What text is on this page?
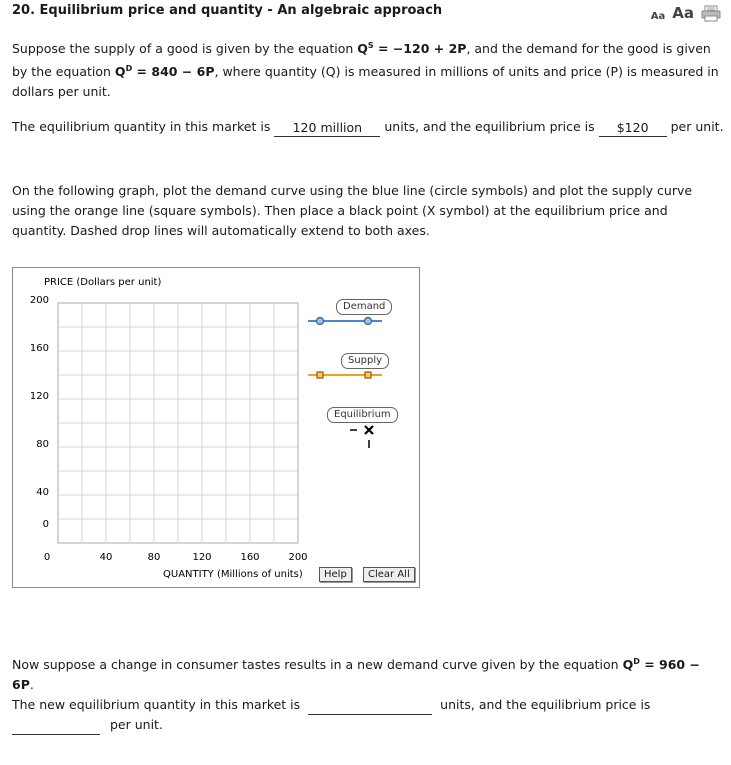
20. Equilibrium price and quantity - An algebraic approach	Aa Aa
Suppose the supply of a good is given by the equation $Q^S = -120 + 2P$, and the demand for the good is given by the equation $Q^D = 840 - 6P$, where quantity (Q) is measured in millions of units and price (P) is measured in dollars per unit.
The equilibrium quantity in this market is 120 million units, and the equilibrium price is $120 per unit.
On the following graph, plot the demand curve using the blue line (circle symbols) and plot the supply curve using the orange line (square symbols). Then place a black point (X symbol) at the equilibrium price and quantity. Dashed drop lines will automatically extend to both axes.
PRICE (Dollars per unit)
200
160
120
80
40
0
0	40	80	120	160	200
QUANTITY (Millions of units)
Demand
Supply
Equilibrium
Help	Clear All
Now suppose a change in consumer tastes results in a new demand curve given by the equation $Q^D = 960 - 6P$.
The new equilibrium quantity in this market is	units, and the equilibrium price is
per unit.
